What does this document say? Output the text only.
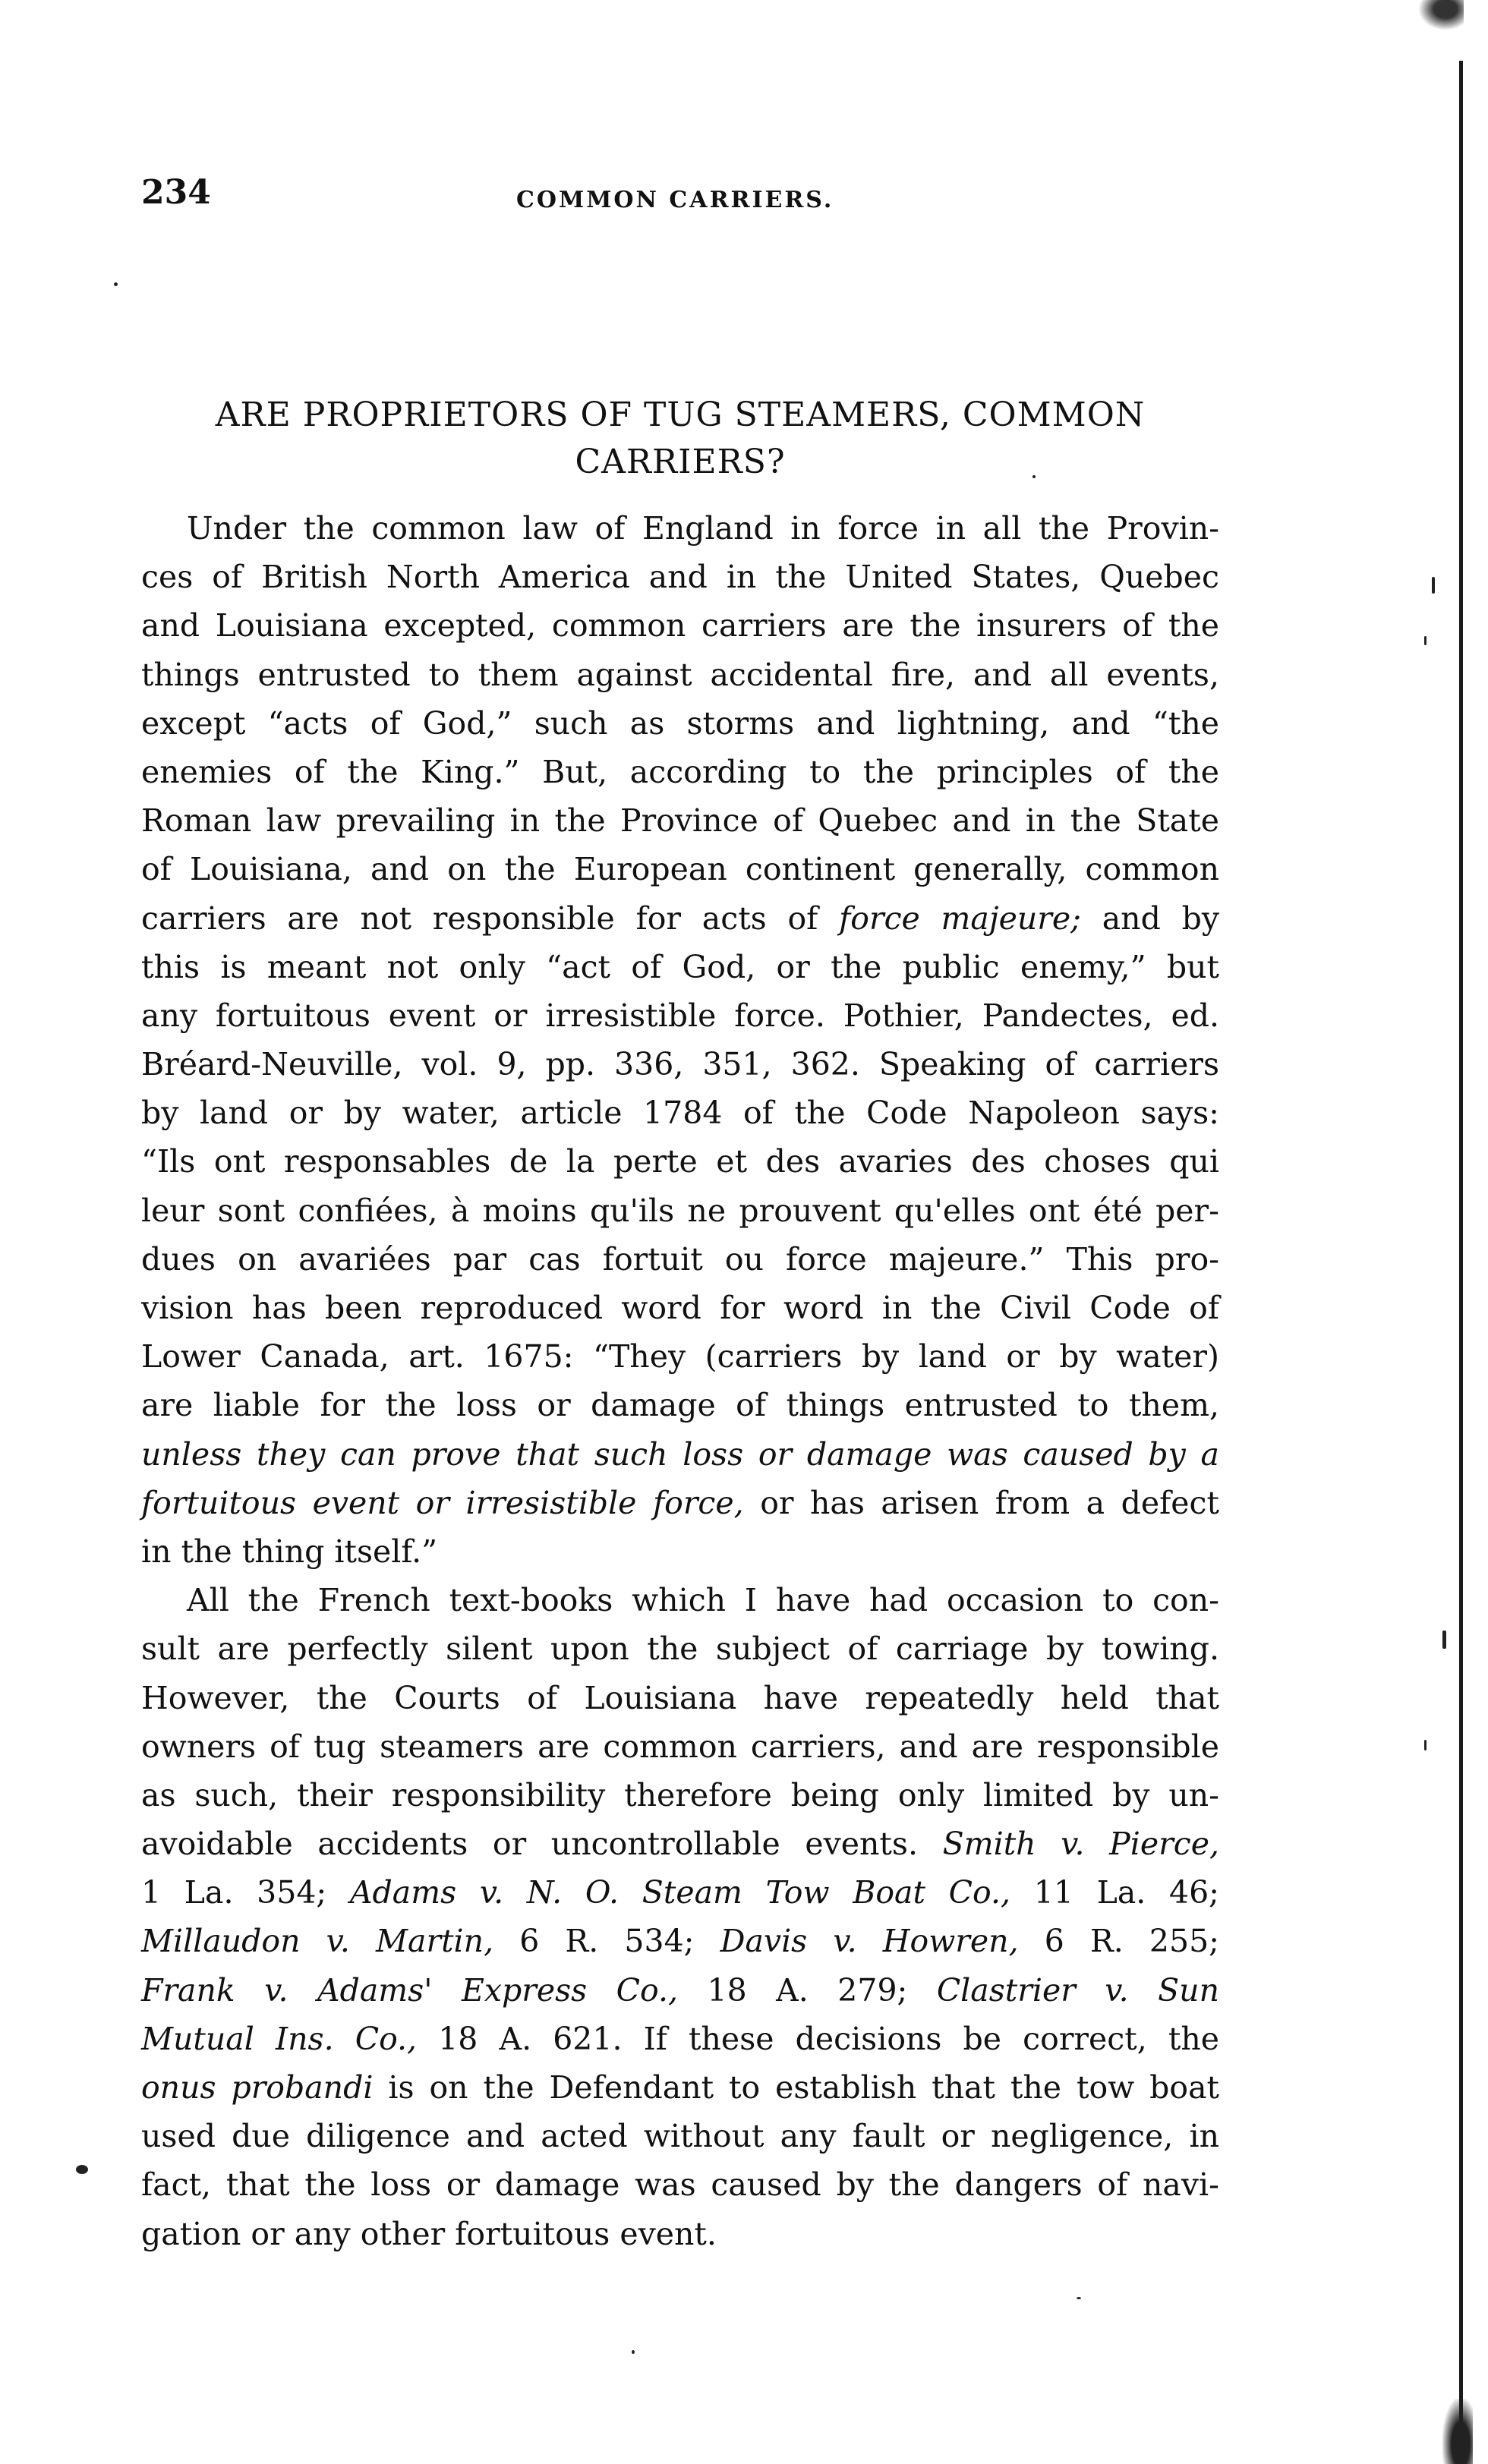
234	COMMON CARRIERS.
ARE PROPRIETORS OF TUG STEAMERS, COMMON
CARRIERS?
Under the common law of England in force in all the Provin-
ces of British North America and in the United States, Quebec
and Louisiana excepted, common carriers are the insurers of the
things entrusted to them against accidental fire, and all events,
except “acts of God,” such as storms and lightning, and “the
enemies of the King.” But, according to the principles of the
Roman law prevailing in the Province of Quebec and in the State
of Louisiana, and on the European continent generally, common
carriers are not responsible for acts of force majeure; and by
this is meant not only “act of God, or the public enemy,” but
any fortuitous event or irresistible force. Pothier, Pandectes, ed.
Bréard-Neuville, vol. 9, pp. 336, 351, 362. Speaking of carriers
by land or by water, article 1784 of the Code Napoleon says:
“Ils ont responsables de la perte et des avaries des choses qui
leur sont confiées, à moins qu'ils ne prouvent qu'elles ont été per-
dues on avariées par cas fortuit ou force majeure.” This pro-
vision has been reproduced word for word in the Civil Code of
Lower Canada, art. 1675: “They (carriers by land or by water)
are liable for the loss or damage of things entrusted to them,
unless they can prove that such loss or damage was caused by a
fortuitous event or irresistible force, or has arisen from a defect
in the thing itself.”
All the French text-books which I have had occasion to con-
sult are perfectly silent upon the subject of carriage by towing.
However, the Courts of Louisiana have repeatedly held that
owners of tug steamers are common carriers, and are responsible
as such, their responsibility therefore being only limited by un-
avoidable accidents or uncontrollable events. Smith v. Pierce,
1 La. 354; Adams v. N. O. Steam Tow Boat Co., 11 La. 46;
Millaudon v. Martin, 6 R. 534; Davis v. Howren, 6 R. 255;
Frank v. Adams' Express Co., 18 A. 279; Clastrier v. Sun
Mutual Ins. Co., 18 A. 621. If these decisions be correct, the
onus probandi is on the Defendant to establish that the tow boat
used due diligence and acted without any fault or negligence, in
fact, that the loss or damage was caused by the dangers of navi-
gation or any other fortuitous event.
